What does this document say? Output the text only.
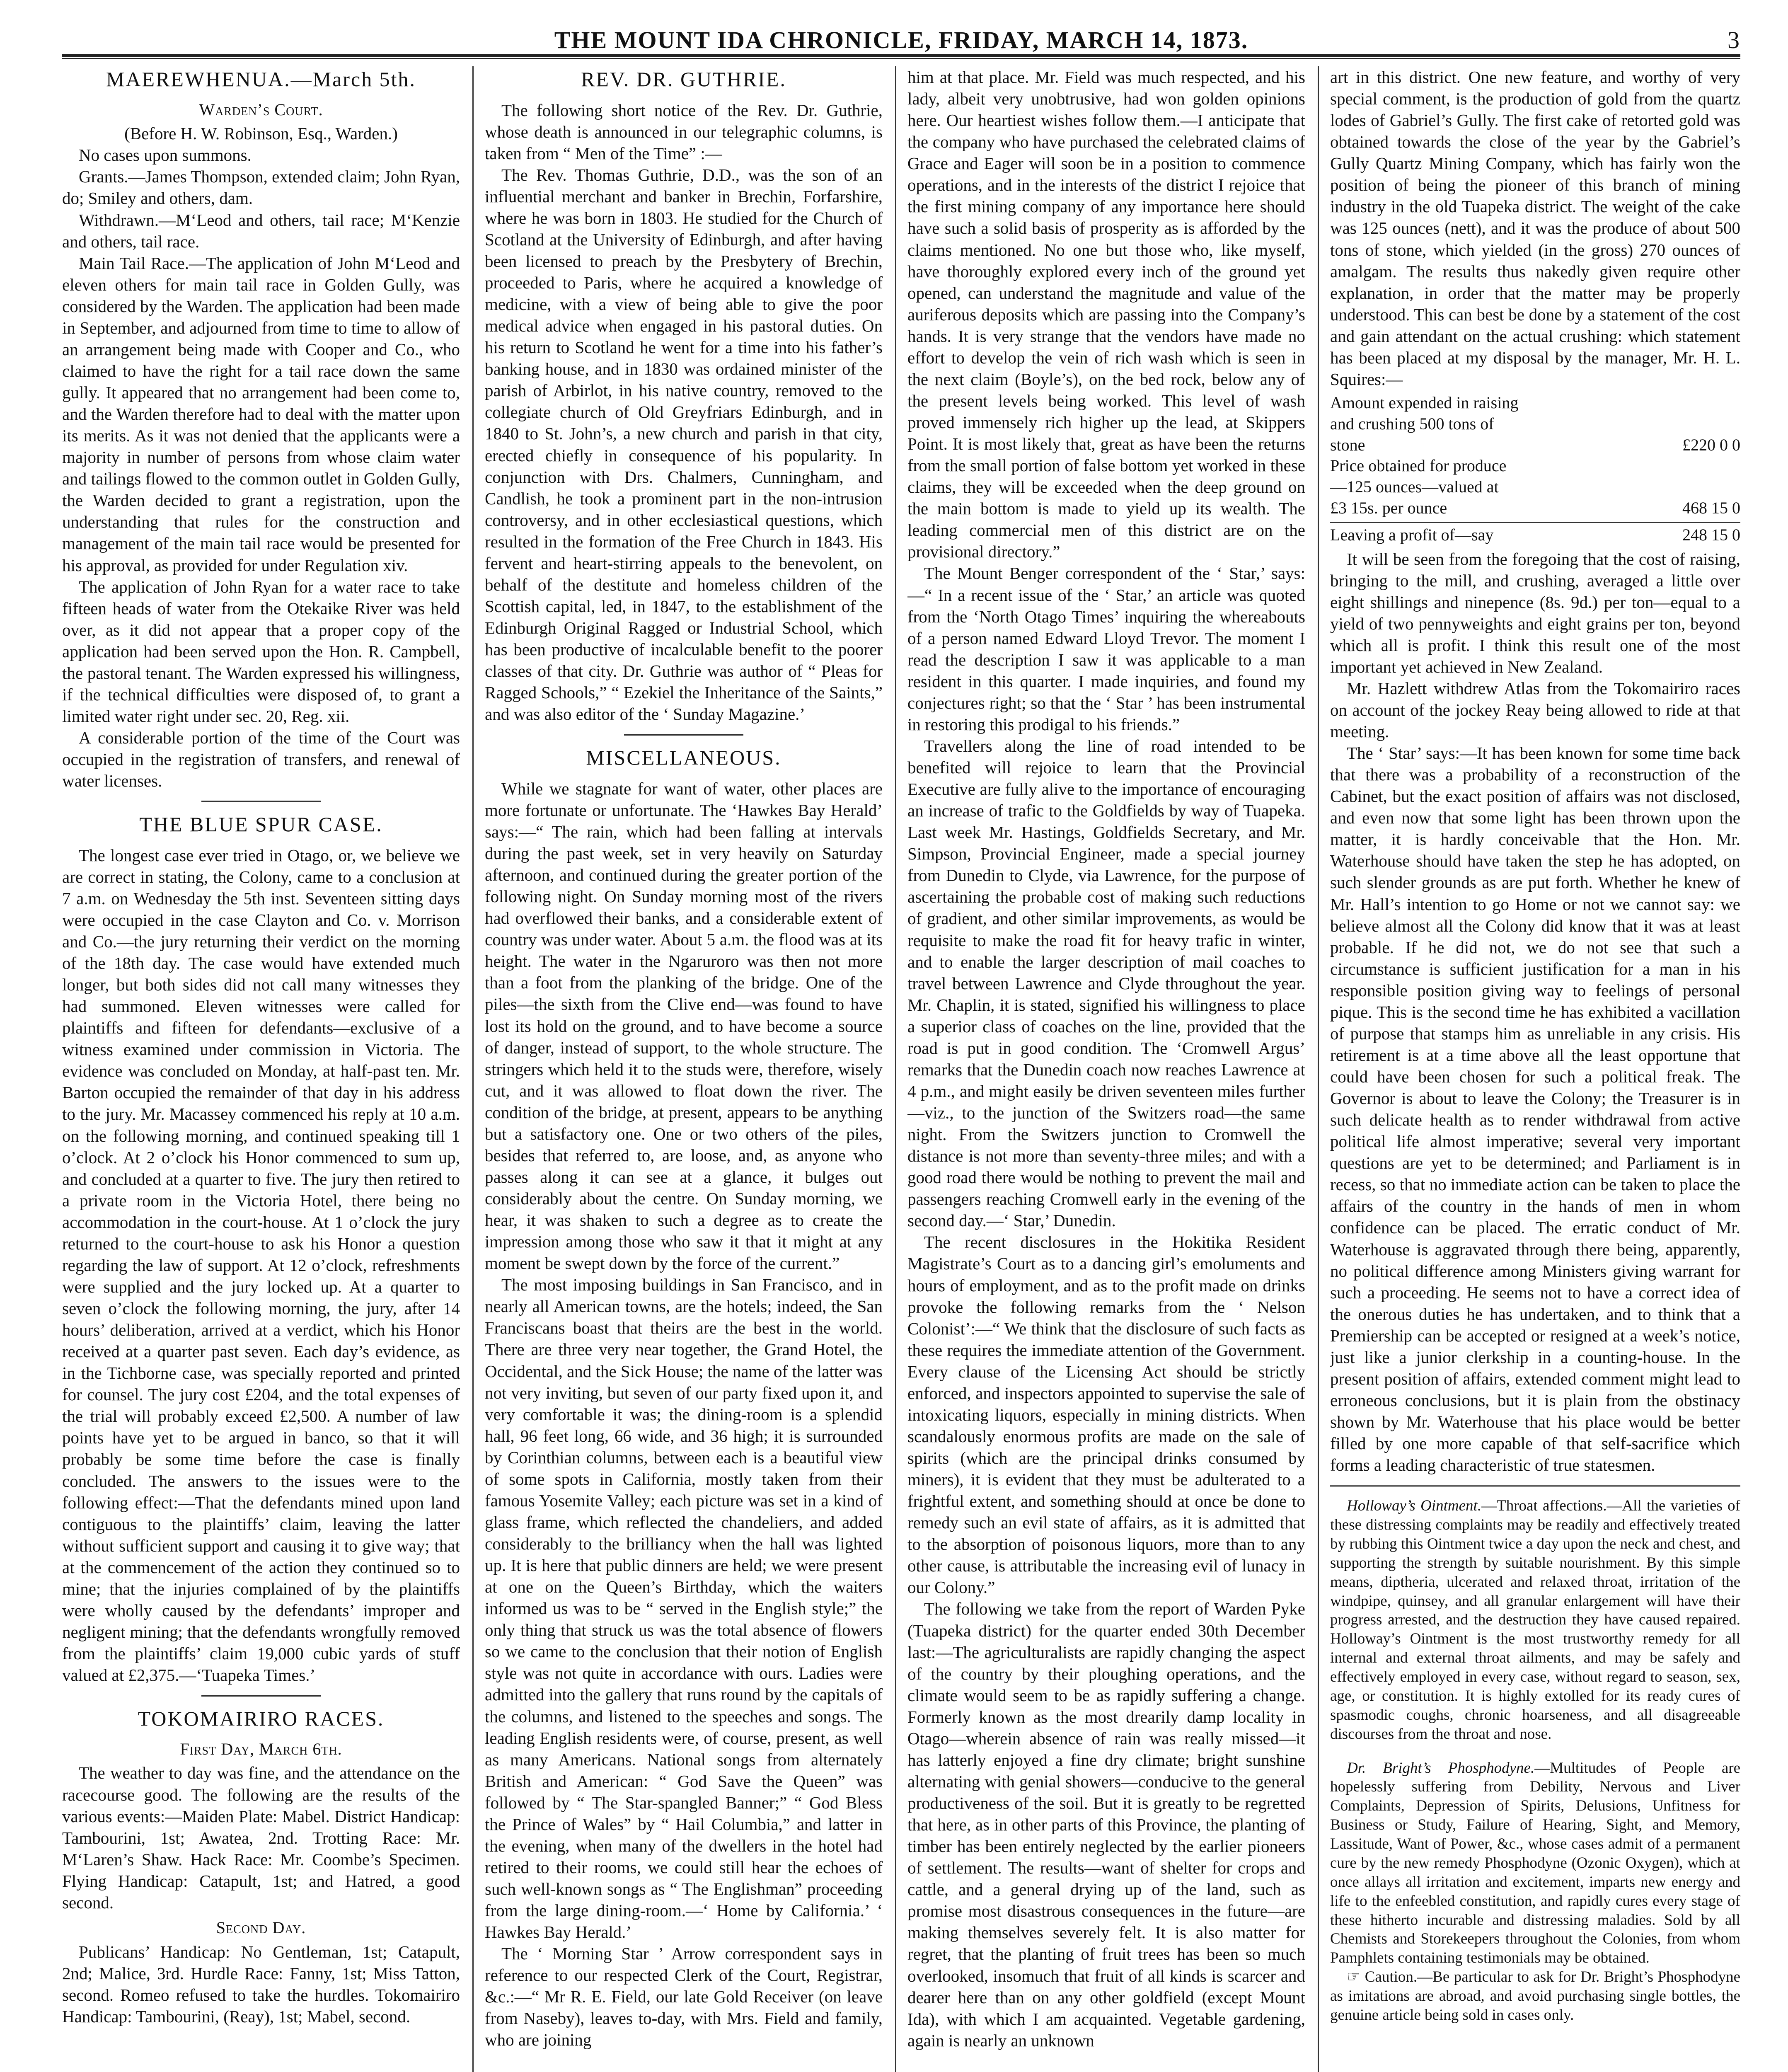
THE MOUNT IDA CHRONICLE, FRIDAY, MARCH 14, 1873.	3
MAEREWHENUA.—March 5th.
Warden’s Court.

(Before H. W. Robinson, Esq., Warden.)

No cases upon summons.

Grants.—James Thompson, extended claim; John Ryan, do; Smiley and others, dam.

Withdrawn.—M‘Leod and others, tail race; M‘Kenzie and others, tail race.

Main Tail Race.—The application of John M‘Leod and eleven others for main tail race in Golden Gully, was considered by the Warden. The application had been made in September, and adjourned from time to time to allow of an arrangement being made with Cooper and Co., who claimed to have the right for a tail race down the same gully. It appeared that no arrangement had been come to, and the Warden therefore had to deal with the matter upon its merits. As it was not denied that the applicants were a majority in number of persons from whose claim water and tailings flowed to the common outlet in Golden Gully, the Warden decided to grant a registration, upon the understanding that rules for the construction and management of the main tail race would be presented for his approval, as provided for under Regulation xiv.

The application of John Ryan for a water race to take fifteen heads of water from the Otekaike River was held over, as it did not appear that a proper copy of the application had been served upon the Hon. R. Campbell, the pastoral tenant. The Warden expressed his willingness, if the technical difficulties were disposed of, to grant a limited water right under sec. 20, Reg. xii.

A considerable portion of the time of the Court was occupied in the registration of transfers, and renewal of water licenses.

THE BLUE SPUR CASE.

The longest case ever tried in Otago, or, we believe we are correct in stating, the Colony, came to a conclusion at 7 a.m. on Wednesday the 5th inst. Seventeen sitting days were occupied in the case Clayton and Co. v. Morrison and Co.—the jury returning their verdict on the morning of the 18th day. The case would have extended much longer, but both sides did not call many witnesses they had summoned. Eleven witnesses were called for plaintiffs and fifteen for defendants—exclusive of a witness examined under commission in Victoria. The evidence was concluded on Monday, at half-past ten. Mr. Barton occupied the remainder of that day in his address to the jury. Mr. Macassey commenced his reply at 10 a.m. on the following morning, and continued speaking till 1 o’clock. At 2 o’clock his Honor commenced to sum up, and concluded at a quarter to five. The jury then retired to a private room in the Victoria Hotel, there being no accommodation in the court-house. At 1 o’clock the jury returned to the court-house to ask his Honor a question regarding the law of support. At 12 o’clock, refreshments were supplied and the jury locked up. At a quarter to seven o’clock the following morning, the jury, after 14 hours’ deliberation, arrived at a verdict, which his Honor received at a quarter past seven. Each day’s evidence, as in the Tichborne case, was specially reported and printed for counsel. The jury cost £204, and the total expenses of the trial will probably exceed £2,500. A number of law points have yet to be argued in banco, so that it will probably be some time before the case is finally concluded. The answers to the issues were to the following effect:—That the defendants mined upon land contiguous to the plaintiffs’ claim, leaving the latter without sufficient support and causing it to give way; that at the commencement of the action they continued so to mine; that the injuries complained of by the plaintiffs were wholly caused by the defendants’ improper and negligent mining; that the defendants wrongfully removed from the plaintiffs’ claim 19,000 cubic yards of stuff valued at £2,375.—‘Tuapeka Times.’

TOKOMAIRIRO RACES.
First Day, March 6th.

The weather to day was fine, and the attendance on the racecourse good. The following are the results of the various events:—Maiden Plate: Mabel. District Handicap: Tambourini, 1st; Awatea, 2nd. Trotting Race: Mr. M‘Laren’s Shaw. Hack Race: Mr. Coombe’s Specimen. Flying Handicap: Catapult, 1st; and Hatred, a good second.

Second Day.

Publicans’ Handicap: No Gentleman, 1st; Catapult, 2nd; Malice, 3rd. Hurdle Race: Fanny, 1st; Miss Tatton, second. Romeo refused to take the hurdles. Tokomairiro Handicap: Tambourini, (Reay), 1st; Mabel, second.

REV. DR. GUTHRIE.

The following short notice of the Rev. Dr. Guthrie, whose death is announced in our telegraphic columns, is taken from “ Men of the Time” :—

The Rev. Thomas Guthrie, D.D., was the son of an influential merchant and banker in Brechin, Forfarshire, where he was born in 1803. He studied for the Church of Scotland at the University of Edinburgh, and after having been licensed to preach by the Presbytery of Brechin, proceeded to Paris, where he acquired a knowledge of medicine, with a view of being able to give the poor medical advice when engaged in his pastoral duties. On his return to Scotland he went for a time into his father’s banking house, and in 1830 was ordained minister of the parish of Arbirlot, in his native country, removed to the collegiate church of Old Greyfriars Edinburgh, and in 1840 to St. John’s, a new church and parish in that city, erected chiefly in consequence of his popularity. In conjunction with Drs. Chalmers, Cunningham, and Candlish, he took a prominent part in the non-intrusion controversy, and in other ecclesiastical questions, which resulted in the formation of the Free Church in 1843. His fervent and heart-stirring appeals to the benevolent, on behalf of the destitute and homeless children of the Scottish capital, led, in 1847, to the establishment of the Edinburgh Original Ragged or Industrial School, which has been productive of incalculable benefit to the poorer classes of that city. Dr. Guthrie was author of “ Pleas for Ragged Schools,” “ Ezekiel the Inheritance of the Saints,” and was also editor of the ‘ Sunday Magazine.’

MISCELLANEOUS.

While we stagnate for want of water, other places are more fortunate or unfortunate. The ‘Hawkes Bay Herald’ says:—“ The rain, which had been falling at intervals during the past week, set in very heavily on Saturday afternoon, and continued during the greater portion of the following night. On Sunday morning most of the rivers had overflowed their banks, and a considerable extent of country was under water. About 5 a.m. the flood was at its height. The water in the Ngaruroro was then not more than a foot from the planking of the bridge. One of the piles—the sixth from the Clive end—was found to have lost its hold on the ground, and to have become a source of danger, instead of support, to the whole structure. The stringers which held it to the studs were, therefore, wisely cut, and it was allowed to float down the river. The condition of the bridge, at present, appears to be anything but a satisfactory one. One or two others of the piles, besides that referred to, are loose, and, as anyone who passes along it can see at a glance, it bulges out considerably about the centre. On Sunday morning, we hear, it was shaken to such a degree as to create the impression among those who saw it that it might at any moment be swept down by the force of the current.”

The most imposing buildings in San Francisco, and in nearly all American towns, are the hotels; indeed, the San Franciscans boast that theirs are the best in the world. There are three very near together, the Grand Hotel, the Occidental, and the Sick House; the name of the latter was not very inviting, but seven of our party fixed upon it, and very comfortable it was; the dining-room is a splendid hall, 96 feet long, 66 wide, and 36 high; it is surrounded by Corinthian columns, between each is a beautiful view of some spots in California, mostly taken from their famous Yosemite Valley; each picture was set in a kind of glass frame, which reflected the chandeliers, and added considerably to the brilliancy when the hall was lighted up. It is here that public dinners are held; we were present at one on the Queen’s Birthday, which the waiters informed us was to be “ served in the English style;” the only thing that struck us was the total absence of flowers so we came to the conclusion that their notion of English style was not quite in accordance with ours. Ladies were admitted into the gallery that runs round by the capitals of the columns, and listened to the speeches and songs. The leading English residents were, of course, present, as well as many Americans. National songs from alternately British and American: “ God Save the Queen” was followed by “ The Star-spangled Banner;” “ God Bless the Prince of Wales” by “ Hail Columbia,” and latter in the evening, when many of the dwellers in the hotel had retired to their rooms, we could still hear the echoes of such well-known songs as “ The Englishman” proceeding from the large dining-room.—‘ Home by California.’ ‘ Hawkes Bay Herald.’

The ‘ Morning Star ’ Arrow correspondent says in reference to our respected Clerk of the Court, Registrar, &c.:—“ Mr R. E. Field, our late Gold Receiver (on leave from Naseby), leaves to-day, with Mrs. Field and family, who are joining

him at that place. Mr. Field was much respected, and his lady, albeit very unobtrusive, had won golden opinions here. Our heartiest wishes follow them.—I anticipate that the company who have purchased the celebrated claims of Grace and Eager will soon be in a position to commence operations, and in the interests of the district I rejoice that the first mining company of any importance here should have such a solid basis of prosperity as is afforded by the claims mentioned. No one but those who, like myself, have thoroughly explored every inch of the ground yet opened, can understand the magnitude and value of the auriferous deposits which are passing into the Company’s hands. It is very strange that the vendors have made no effort to develop the vein of rich wash which is seen in the next claim (Boyle’s), on the bed rock, below any of the present levels being worked. This level of wash proved immensely rich higher up the lead, at Skippers Point. It is most likely that, great as have been the returns from the small portion of false bottom yet worked in these claims, they will be exceeded when the deep ground on the main bottom is made to yield up its wealth. The leading commercial men of this district are on the provisional directory.”

The Mount Benger correspondent of the ‘ Star,’ says:—“ In a recent issue of the ‘ Star,’ an article was quoted from the ‘North Otago Times’ inquiring the whereabouts of a person named Edward Lloyd Trevor. The moment I read the description I saw it was applicable to a man resident in this quarter. I made inquiries, and found my conjectures right; so that the ‘ Star ’ has been instrumental in restoring this prodigal to his friends.”

Travellers along the line of road intended to be benefited will rejoice to learn that the Provincial Executive are fully alive to the importance of encouraging an increase of trafic to the Goldfields by way of Tuapeka. Last week Mr. Hastings, Goldfields Secretary, and Mr. Simpson, Provincial Engineer, made a special journey from Dunedin to Clyde, via Lawrence, for the purpose of ascertaining the probable cost of making such reductions of gradient, and other similar improvements, as would be requisite to make the road fit for heavy trafic in winter, and to enable the larger description of mail coaches to travel between Lawrence and Clyde throughout the year. Mr. Chaplin, it is stated, signified his willingness to place a superior class of coaches on the line, provided that the road is put in good condition. The ‘Cromwell Argus’ remarks that the Dunedin coach now reaches Lawrence at 4 p.m., and might easily be driven seventeen miles further—viz., to the junction of the Switzers road—the same night. From the Switzers junction to Cromwell the distance is not more than seventy-three miles; and with a good road there would be nothing to prevent the mail and passengers reaching Cromwell early in the evening of the second day.—‘ Star,’ Dunedin.

The recent disclosures in the Hokitika Resident Magistrate’s Court as to a dancing girl’s emoluments and hours of employment, and as to the profit made on drinks provoke the following remarks from the ‘ Nelson Colonist’:—“ We think that the disclosure of such facts as these requires the immediate attention of the Government. Every clause of the Licensing Act should be strictly enforced, and inspectors appointed to supervise the sale of intoxicating liquors, especially in mining districts. When scandalously enormous profits are made on the sale of spirits (which are the principal drinks consumed by miners), it is evident that they must be adulterated to a frightful extent, and something should at once be done to remedy such an evil state of affairs, as it is admitted that to the absorption of poisonous liquors, more than to any other cause, is attributable the increasing evil of lunacy in our Colony.”

The following we take from the report of Warden Pyke (Tuapeka district) for the quarter ended 30th December last:—The agriculturalists are rapidly changing the aspect of the country by their ploughing operations, and the climate would seem to be as rapidly suffering a change. Formerly known as the most drearily damp locality in Otago—wherein absence of rain was really missed—it has latterly enjoyed a fine dry climate; bright sunshine alternating with genial showers—conducive to the general productiveness of the soil. But it is greatly to be regretted that here, as in other parts of this Province, the planting of timber has been entirely neglected by the earlier pioneers of settlement. The results—want of shelter for crops and cattle, and a general drying up of the land, such as promise most disastrous consequences in the future—are making themselves severely felt. It is also matter for regret, that the planting of fruit trees has been so much overlooked, insomuch that fruit of all kinds is scarcer and dearer here than on any other goldfield (except Mount Ida), with which I am acquainted. Vegetable gardening, again is nearly an unknown

art in this district. One new feature, and worthy of very special comment, is the production of gold from the quartz lodes of Gabriel’s Gully. The first cake of retorted gold was obtained towards the close of the year by the Gabriel’s Gully Quartz Mining Company, which has fairly won the position of being the pioneer of this branch of mining industry in the old Tuapeka district. The weight of the cake was 125 ounces (nett), and it was the produce of about 500 tons of stone, which yielded (in the gross) 270 ounces of amalgam. The results thus nakedly given require other explanation, in order that the matter may be properly understood. This can best be done by a statement of the cost and gain attendant on the actual crushing: which statement has been placed at my disposal by the manager, Mr. H. L. Squires:—

Amount expended in raising
and crushing 500 tons of
stone	£220 0 0
Price obtained for produce
—125 ounces—valued at
£3 15s. per ounce	468 15 0
Leaving a profit of—say	248 15 0

It will be seen from the foregoing that the cost of raising, bringing to the mill, and crushing, averaged a little over eight shillings and ninepence (8s. 9d.) per ton—equal to a yield of two pennyweights and eight grains per ton, beyond which all is profit. I think this result one of the most important yet achieved in New Zealand.

Mr. Hazlett withdrew Atlas from the Tokomairiro races on account of the jockey Reay being allowed to ride at that meeting.

The ‘ Star’ says:—It has been known for some time back that there was a probability of a reconstruction of the Cabinet, but the exact position of affairs was not disclosed, and even now that some light has been thrown upon the matter, it is hardly conceivable that the Hon. Mr. Waterhouse should have taken the step he has adopted, on such slender grounds as are put forth. Whether he knew of Mr. Hall’s intention to go Home or not we cannot say: we believe almost all the Colony did know that it was at least probable. If he did not, we do not see that such a circumstance is sufficient justification for a man in his responsible position giving way to feelings of personal pique. This is the second time he has exhibited a vacillation of purpose that stamps him as unreliable in any crisis. His retirement is at a time above all the least opportune that could have been chosen for such a political freak. The Governor is about to leave the Colony; the Treasurer is in such delicate health as to render withdrawal from active political life almost imperative; several very important questions are yet to be determined; and Parliament is in recess, so that no immediate action can be taken to place the affairs of the country in the hands of men in whom confidence can be placed. The erratic conduct of Mr. Waterhouse is aggravated through there being, apparently, no political difference among Ministers giving warrant for such a proceeding. He seems not to have a correct idea of the onerous duties he has undertaken, and to think that a Premiership can be accepted or resigned at a week’s notice, just like a junior clerkship in a counting-house. In the present position of affairs, extended comment might lead to erroneous conclusions, but it is plain from the obstinacy shown by Mr. Waterhouse that his place would be better filled by one more capable of that self-sacrifice which forms a leading characteristic of true statesmen.

Holloway’s Ointment.—Throat affections.—All the varieties of these distressing complaints may be readily and effectively treated by rubbing this Ointment twice a day upon the neck and chest, and supporting the strength by suitable nourishment. By this simple means, diptheria, ulcerated and relaxed throat, irritation of the windpipe, quinsey, and all granular enlargement will have their progress arrested, and the destruction they have caused repaired. Holloway’s Ointment is the most trustworthy remedy for all internal and external throat ailments, and may be safely and effectively employed in every case, without regard to season, sex, age, or constitution. It is highly extolled for its ready cures of spasmodic coughs, chronic hoarseness, and all disagreeable discourses from the throat and nose.

Dr. Bright’s Phosphodyne.—Multitudes of People are hopelessly suffering from Debility, Nervous and Liver Complaints, Depression of Spirits, Delusions, Unfitness for Business or Study, Failure of Hearing, Sight, and Memory, Lassitude, Want of Power, &c., whose cases admit of a permanent cure by the new remedy Phosphodyne (Ozonic Oxygen), which at once allays all irritation and excitement, imparts new energy and life to the enfeebled constitution, and rapidly cures every stage of these hitherto incurable and distressing maladies. Sold by all Chemists and Storekeepers throughout the Colonies, from whom Pamphlets containing testimonials may be obtained.

☞ Caution.—Be particular to ask for Dr. Bright’s Phosphodyne as imitations are abroad, and avoid purchasing single bottles, the genuine article being sold in cases only.
